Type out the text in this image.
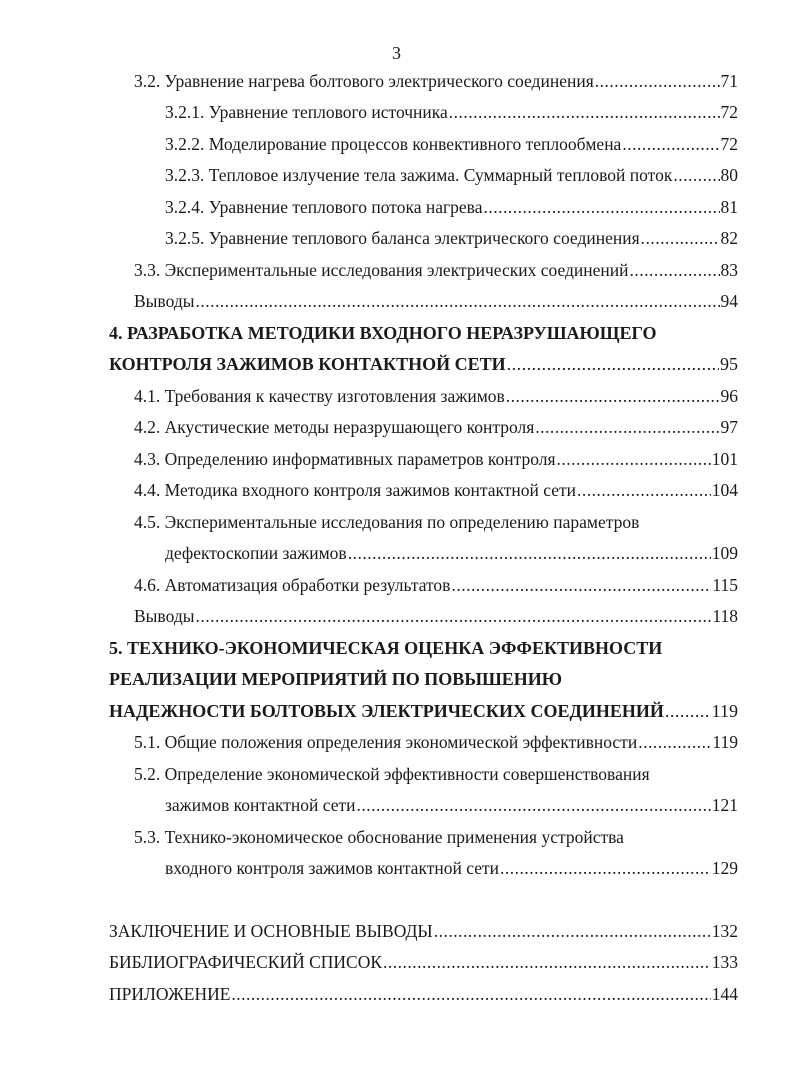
3
3.2. Уравнение нагрева болтового электрического соединения .....	71
3.2.1. Уравнение теплового источника .....	72
3.2.2. Моделирование процессов конвективного теплообмена .....	72
3.2.3. Тепловое излучение тела зажима. Суммарный тепловой поток .....	80
3.2.4. Уравнение теплового потока нагрева .....	81
3.2.5. Уравнение теплового баланса электрического соединения .....	82
3.3. Экспериментальные исследования электрических соединений .....	83
Выводы .....	94
4. РАЗРАБОТКА МЕТОДИКИ ВХОДНОГО НЕРАЗРУШАЮЩЕГО
КОНТРОЛЯ ЗАЖИМОВ КОНТАКТНОЙ СЕТИ .....	95
4.1. Требования к качеству изготовления зажимов .....	96
4.2. Акустические методы неразрушающего контроля .....	97
4.3. Определению информативных параметров контроля .....	101
4.4. Методика входного контроля зажимов контактной сети .....	104
4.5. Экспериментальные исследования по определению параметров
дефектоскопии зажимов .....	109
4.6. Автоматизация обработки результатов .....	115
Выводы .....	118
5. ТЕХНИКО-ЭКОНОМИЧЕСКАЯ ОЦЕНКА ЭФФЕКТИВНОСТИ
РЕАЛИЗАЦИИ МЕРОПРИЯТИЙ ПО ПОВЫШЕНИЮ
НАДЕЖНОСТИ БОЛТОВЫХ ЭЛЕКТРИЧЕСКИХ СОЕДИНЕНИЙ .....	119
5.1. Общие положения определения экономической эффективности .....	119
5.2. Определение экономической эффективности совершенствования
зажимов контактной сети .....	121
5.3. Технико-экономическое обоснование применения устройства
входного контроля зажимов контактной сети .....	129
ЗАКЛЮЧЕНИЕ И ОСНОВНЫЕ ВЫВОДЫ .....	132
БИБЛИОГРАФИЧЕСКИЙ СПИСОК .....	133
ПРИЛОЖЕНИЕ .....	144
